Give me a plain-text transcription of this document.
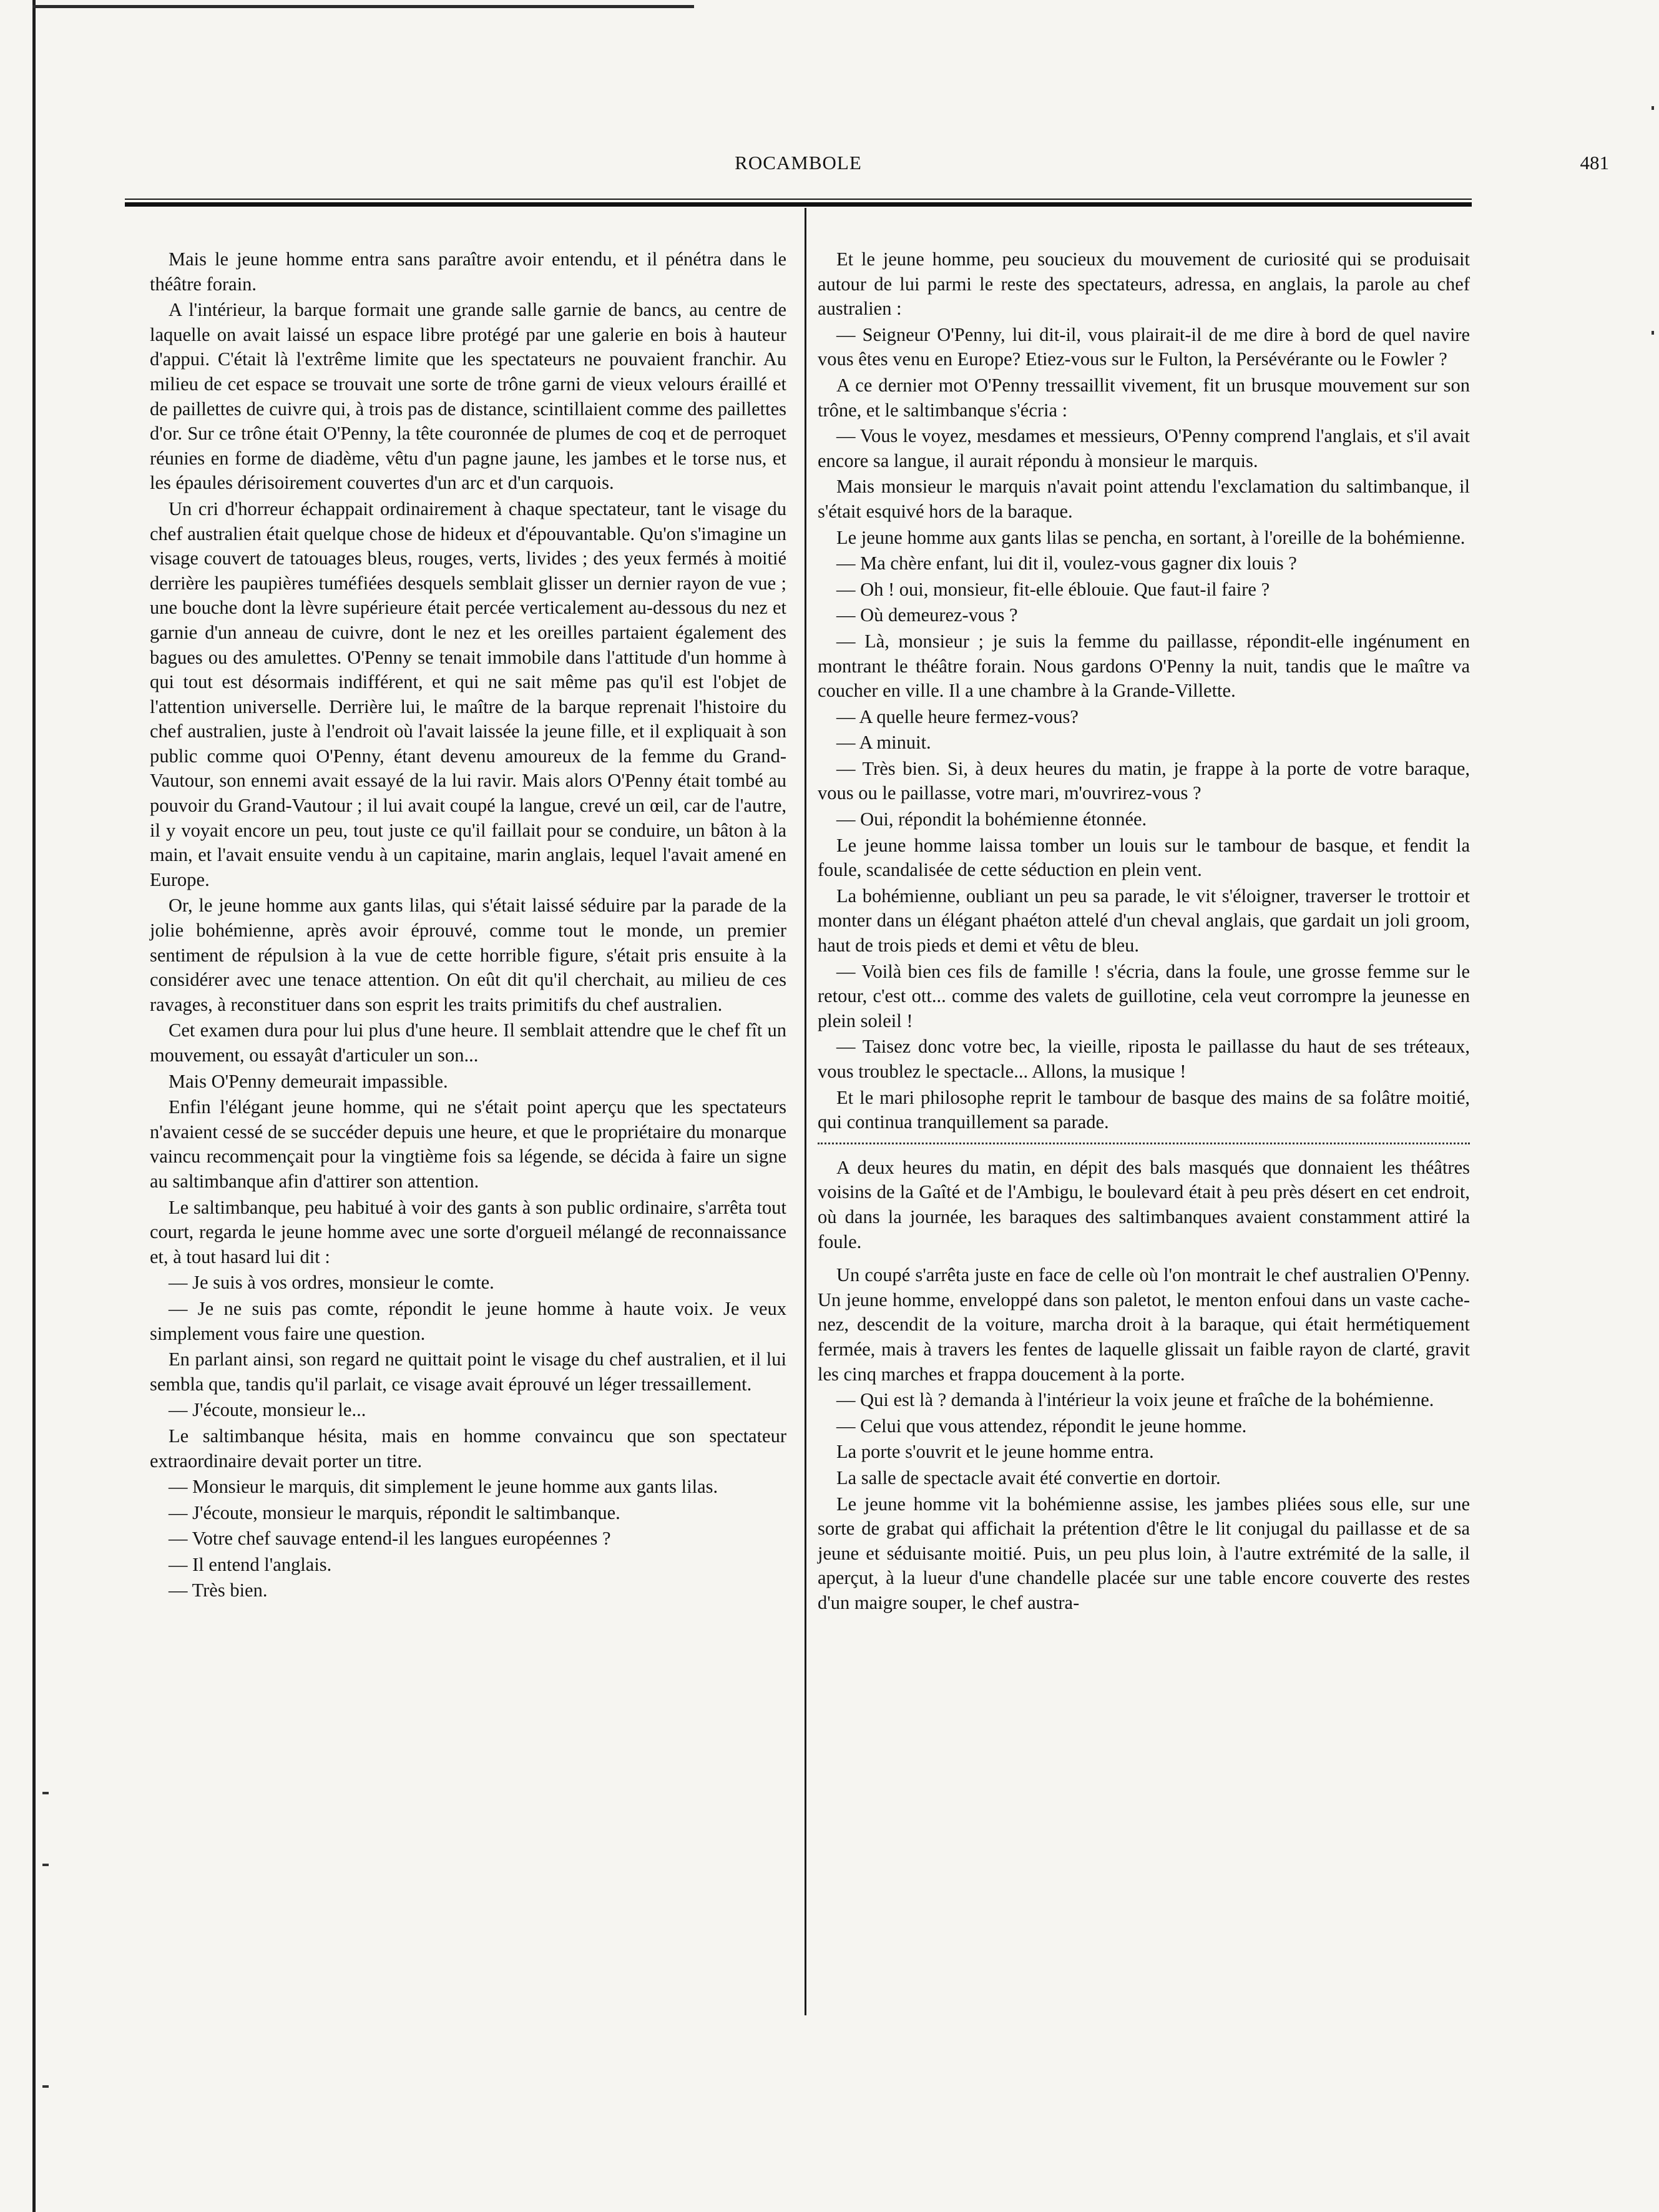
ROCAMBOLE	481

Mais le jeune homme entra sans paraître avoir entendu, et il pénétra dans le théâtre forain.

A l'intérieur, la barque formait une grande salle garnie de bancs, au centre de laquelle on avait laissé un espace libre protégé par une galerie en bois à hauteur d'appui. C'était là l'extrême limite que les spectateurs ne pouvaient franchir. Au milieu de cet espace se trouvait une sorte de trône garni de vieux velours éraillé et de paillettes de cuivre qui, à trois pas de distance, scintillaient comme des paillettes d'or. Sur ce trône était O'Penny, la tête couronnée de plumes de coq et de perroquet réunies en forme de diadème, vêtu d'un pagne jaune, les jambes et le torse nus, et les épaules dérisoirement couvertes d'un arc et d'un carquois.

Un cri d'horreur échappait ordinairement à chaque spectateur, tant le visage du chef australien était quelque chose de hideux et d'épouvantable. Qu'on s'imagine un visage couvert de tatouages bleus, rouges, verts, livides ; des yeux fermés à moitié derrière les paupières tuméfiées desquels semblait glisser un dernier rayon de vue ; une bouche dont la lèvre supérieure était percée verticalement au-dessous du nez et garnie d'un anneau de cuivre, dont le nez et les oreilles partaient également des bagues ou des amulettes. O'Penny se tenait immobile dans l'attitude d'un homme à qui tout est désormais indifférent, et qui ne sait même pas qu'il est l'objet de l'attention universelle. Derrière lui, le maître de la barque reprenait l'histoire du chef australien, juste à l'endroit où l'avait laissée la jeune fille, et il expliquait à son public comme quoi O'Penny, étant devenu amoureux de la femme du Grand-Vautour, son ennemi avait essayé de la lui ravir. Mais alors O'Penny était tombé au pouvoir du Grand-Vautour ; il lui avait coupé la langue, crevé un œil, car de l'autre, il y voyait encore un peu, tout juste ce qu'il faillait pour se conduire, un bâton à la main, et l'avait ensuite vendu à un capitaine, marin anglais, lequel l'avait amené en Europe.

Or, le jeune homme aux gants lilas, qui s'était laissé séduire par la parade de la jolie bohémienne, après avoir éprouvé, comme tout le monde, un premier sentiment de répulsion à la vue de cette horrible figure, s'était pris ensuite à la considérer avec une tenace attention. On eût dit qu'il cherchait, au milieu de ces ravages, à reconstituer dans son esprit les traits primitifs du chef australien.

Cet examen dura pour lui plus d'une heure. Il semblait attendre que le chef fît un mouvement, ou essayât d'articuler un son...

Mais O'Penny demeurait impassible.

Enfin l'élégant jeune homme, qui ne s'était point aperçu que les spectateurs n'avaient cessé de se succéder depuis une heure, et que le propriétaire du monarque vaincu recommençait pour la vingtième fois sa légende, se décida à faire un signe au saltimbanque afin d'attirer son attention.

Le saltimbanque, peu habitué à voir des gants à son public ordinaire, s'arrêta tout court, regarda le jeune homme avec une sorte d'orgueil mélangé de reconnaissance et, à tout hasard lui dit :

— Je suis à vos ordres, monsieur le comte.

— Je ne suis pas comte, répondit le jeune homme à haute voix. Je veux simplement vous faire une question.

En parlant ainsi, son regard ne quittait point le visage du chef australien, et il lui sembla que, tandis qu'il parlait, ce visage avait éprouvé un léger tressaillement.

— J'écoute, monsieur le...

Le saltimbanque hésita, mais en homme convaincu que son spectateur extraordinaire devait porter un titre.

— Monsieur le marquis, dit simplement le jeune homme aux gants lilas.

— J'écoute, monsieur le marquis, répondit le saltimbanque.

— Votre chef sauvage entend-il les langues européennes ?

— Il entend l'anglais.

— Très bien.

Et le jeune homme, peu soucieux du mouvement de curiosité qui se produisait autour de lui parmi le reste des spectateurs, adressa, en anglais, la parole au chef australien :

— Seigneur O'Penny, lui dit-il, vous plairait-il de me dire à bord de quel navire vous êtes venu en Europe? Etiez-vous sur le Fulton, la Persévérante ou le Fowler ?

A ce dernier mot O'Penny tressaillit vivement, fit un brusque mouvement sur son trône, et le saltimbanque s'écria :

— Vous le voyez, mesdames et messieurs, O'Penny comprend l'anglais, et s'il avait encore sa langue, il aurait répondu à monsieur le marquis.

Mais monsieur le marquis n'avait point attendu l'exclamation du saltimbanque, il s'était esquivé hors de la baraque.

Le jeune homme aux gants lilas se pencha, en sortant, à l'oreille de la bohémienne.

— Ma chère enfant, lui dit il, voulez-vous gagner dix louis ?

— Oh ! oui, monsieur, fit-elle éblouie. Que faut-il faire ?

— Où demeurez-vous ?

— Là, monsieur ; je suis la femme du paillasse, répondit-elle ingénument en montrant le théâtre forain. Nous gardons O'Penny la nuit, tandis que le maître va coucher en ville. Il a une chambre à la Grande-Villette.

— A quelle heure fermez-vous?

— A minuit.

— Très bien. Si, à deux heures du matin, je frappe à la porte de votre baraque, vous ou le paillasse, votre mari, m'ouvrirez-vous ?

— Oui, répondit la bohémienne étonnée.

Le jeune homme laissa tomber un louis sur le tambour de basque, et fendit la foule, scandalisée de cette séduction en plein vent.

La bohémienne, oubliant un peu sa parade, le vit s'éloigner, traverser le trottoir et monter dans un élégant phaéton attelé d'un cheval anglais, que gardait un joli groom, haut de trois pieds et demi et vêtu de bleu.

— Voilà bien ces fils de famille ! s'écria, dans la foule, une grosse femme sur le retour, c'est ott... comme des valets de guillotine, cela veut corrompre la jeunesse en plein soleil !

— Taisez donc votre bec, la vieille, riposta le paillasse du haut de ses tréteaux, vous troublez le spectacle... Allons, la musique !

Et le mari philosophe reprit le tambour de basque des mains de sa folâtre moitié, qui continua tranquillement sa parade.

A deux heures du matin, en dépit des bals masqués que donnaient les théâtres voisins de la Gaîté et de l'Ambigu, le boulevard était à peu près désert en cet endroit, où dans la journée, les baraques des saltimbanques avaient constamment attiré la foule.

Un coupé s'arrêta juste en face de celle où l'on montrait le chef australien O'Penny. Un jeune homme, enveloppé dans son paletot, le menton enfoui dans un vaste cache-nez, descendit de la voiture, marcha droit à la baraque, qui était hermétiquement fermée, mais à travers les fentes de laquelle glissait un faible rayon de clarté, gravit les cinq marches et frappa doucement à la porte.

— Qui est là ? demanda à l'intérieur la voix jeune et fraîche de la bohémienne.

— Celui que vous attendez, répondit le jeune homme.

La porte s'ouvrit et le jeune homme entra.

La salle de spectacle avait été convertie en dortoir.

Le jeune homme vit la bohémienne assise, les jambes pliées sous elle, sur une sorte de grabat qui affichait la prétention d'être le lit conjugal du paillasse et de sa jeune et séduisante moitié. Puis, un peu plus loin, à l'autre extrémité de la salle, il aperçut, à la lueur d'une chandelle placée sur une table encore couverte des restes d'un maigre souper, le chef austra-
